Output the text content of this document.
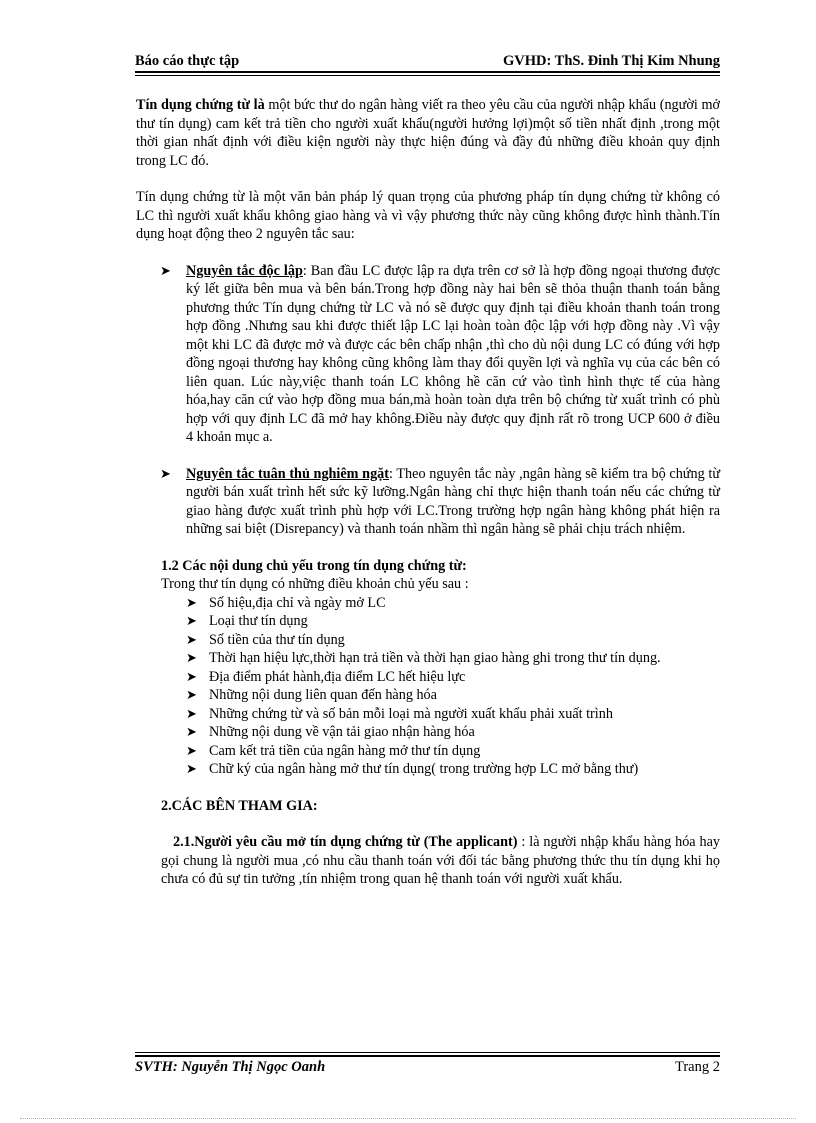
Báo cáo thực tập	GVHD: ThS. Đinh Thị Kim Nhung

Tín dụng chứng từ là một bức thư do ngân hàng viết ra theo yêu cầu của người nhập khẩu (người mở thư tín dụng) cam kết trả tiền cho người xuất khẩu(người hưởng lợi)một số tiền nhất định ,trong một thời gian nhất định với điều kiện người này thực hiện đúng và đầy đủ những điều khoản quy định trong LC đó.

Tín dụng chứng từ là một văn bản pháp lý quan trọng của phương pháp tín dụng chứng từ không có LC thì người xuất khẩu không giao hàng và vì vậy phương thức này cũng không được hình thành.Tín dụng hoạt động theo 2 nguyên tắc sau:

➤ Nguyên tắc độc lập: Ban đầu LC được lập ra dựa trên cơ sở là hợp đồng ngoại thương được ký lết giữa bên mua và bên bán.Trong hợp đồng này hai bên sẽ thỏa thuận thanh toán bằng phương thức Tín dụng chứng từ LC và nó sẽ được quy định tại điều khoản thanh toán trong hợp đồng .Nhưng sau khi được thiết lập LC lại hoàn toàn độc lập với hợp đồng này .Vì vậy một khi LC đã được mở và được các bên chấp nhận ,thì cho dù nội dung LC có đúng với hợp đồng ngoại thương hay không cũng không làm thay đổi quyền lợi và nghĩa vụ của các bên có liên quan. Lúc này,việc thanh toán LC không hề căn cứ vào tình hình thực tế của hàng hóa,hay căn cứ vào hợp đồng mua bán,mà hoàn toàn dựa trên bộ chứng từ xuất trình có phù hợp với quy định LC đã mở hay không.Điều này được quy định rất rõ trong UCP 600 ở điều 4 khoản mục a.
➤ Nguyên tắc tuân thủ nghiêm ngặt: Theo nguyên tắc này ,ngân hàng sẽ kiểm tra bộ chứng từ người bán xuất trình hết sức kỹ lưỡng.Ngân hàng chỉ thực hiện thanh toán nếu các chứng từ giao hàng được xuất trình phù hợp với LC.Trong trường hợp ngân hàng không phát hiện ra những sai biệt (Disrepancy) và thanh toán nhầm thì ngân hàng sẽ phải chịu trách nhiệm.

1.2 Các nội dung chủ yếu trong tín dụng chứng từ:

Trong thư tín dụng có những điều khoản chủ yếu sau :

➤ Số hiệu,địa chỉ và ngày mở LC
➤ Loại thư tín dụng
➤ Số tiền của thư tín dụng
➤ Thời hạn hiệu lực,thời hạn trả tiền và thời hạn giao hàng ghi trong thư tín dụng.
➤ Địa điểm phát hành,địa điểm LC hết hiệu lực
➤ Những nội dung liên quan đến hàng hóa
➤ Những chứng từ và số bản mỗi loại mà người xuất khẩu phải xuất trình
➤ Những nội dung về vận tải giao nhận hàng hóa
➤ Cam kết trả tiền của ngân hàng mở thư tín dụng
➤ Chữ ký của ngân hàng mở thư tín dụng( trong trường hợp LC mở bằng thư)

2.CÁC BÊN THAM GIA:

2.1.Người yêu cầu mở tín dụng chứng từ (The applicant) : là người nhập khẩu hàng hóa hay gọi chung là người mua ,có nhu cầu thanh toán với đối tác bằng phương thức thu tín dụng khi họ chưa có đủ sự tin tưởng ,tín nhiệm trong quan hệ thanh toán với người xuất khẩu.

SVTH: Nguyễn Thị Ngọc Oanh	Trang 2
